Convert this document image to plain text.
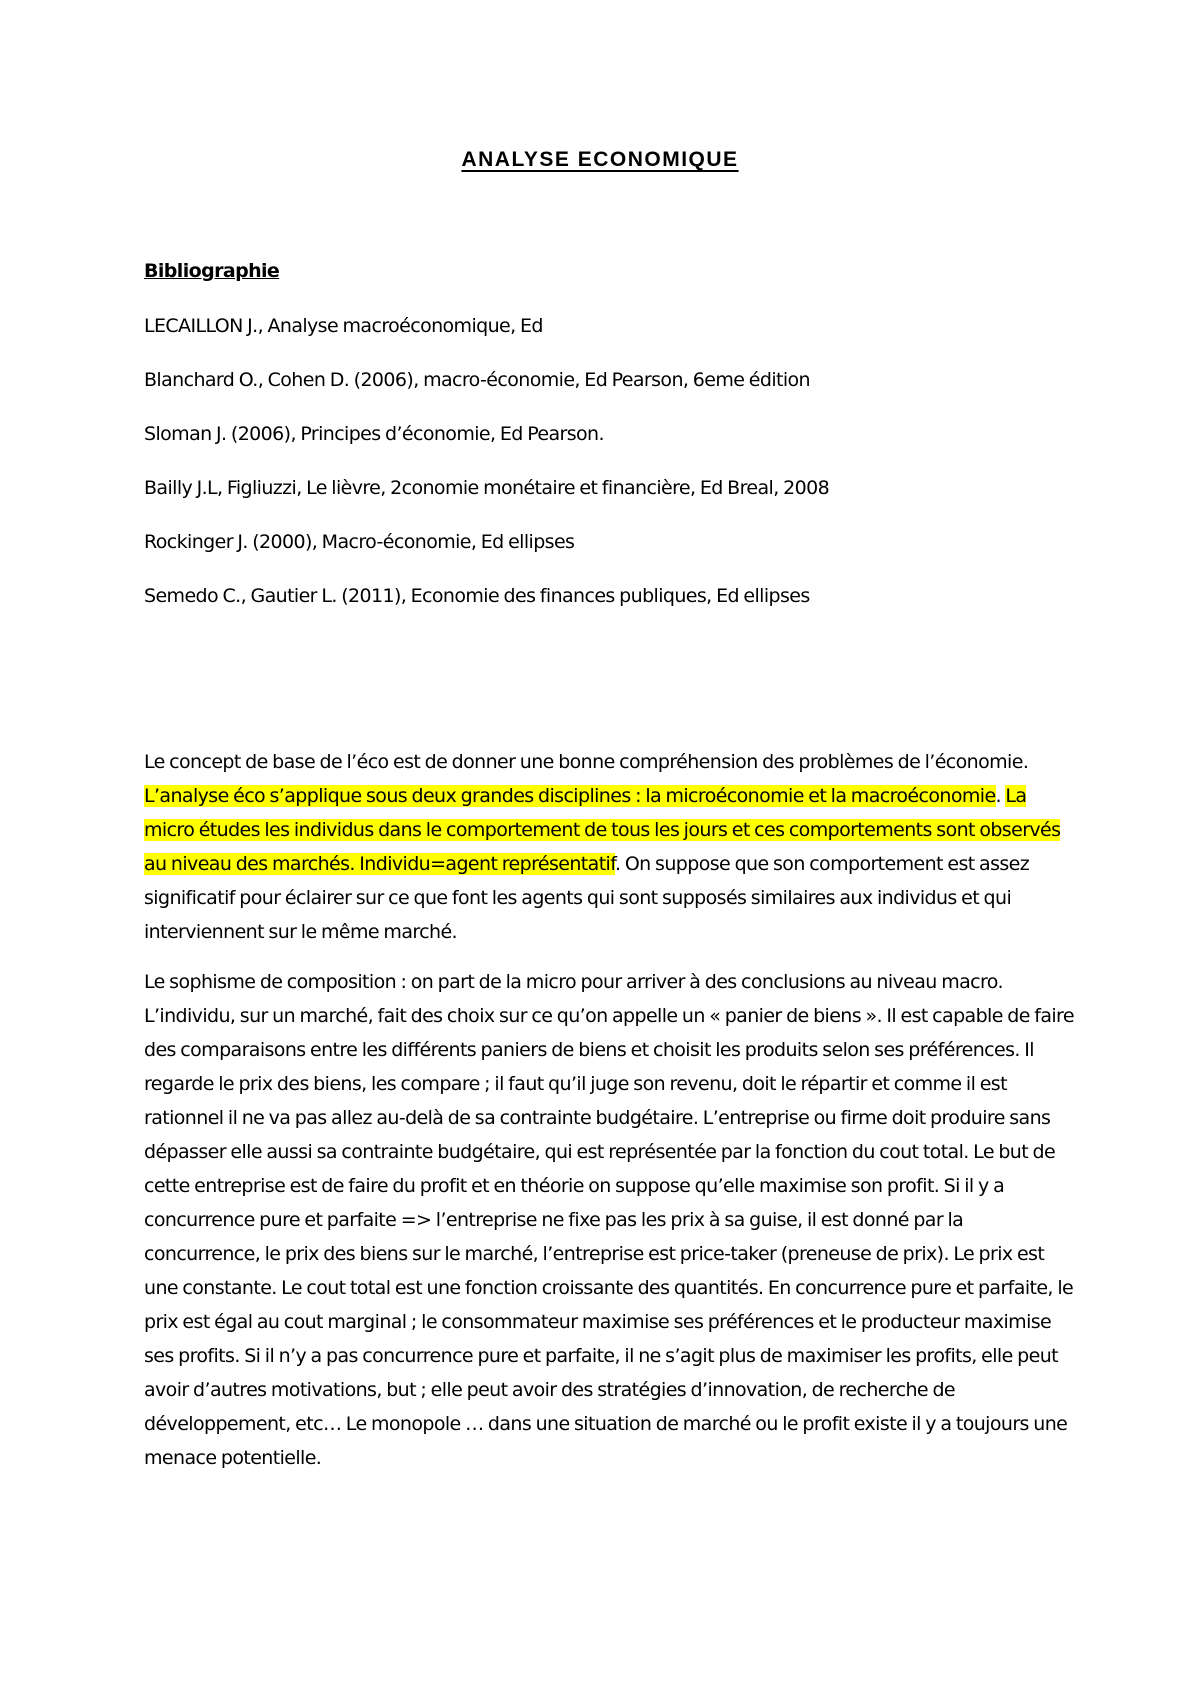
ANALYSE ECONOMIQUE
Bibliographie
LECAILLON J., Analyse macroéconomique, Ed
Blanchard O., Cohen D. (2006), macro-économie, Ed Pearson, 6eme édition
Sloman J. (2006), Principes d’économie, Ed Pearson.
Bailly J.L, Figliuzzi, Le lièvre, 2conomie monétaire et financière, Ed Breal, 2008
Rockinger J. (2000), Macro-économie, Ed ellipses
Semedo C., Gautier L. (2011), Economie des finances publiques, Ed ellipses

Le concept de base de l’éco est de donner une bonne compréhension des problèmes de l’économie. L’analyse éco s’applique sous deux grandes disciplines : la microéconomie et la macroéconomie. La micro études les individus dans le comportement de tous les jours et ces comportements sont observés au niveau des marchés. Individu=agent représentatif. On suppose que son comportement est assez significatif pour éclairer sur ce que font les agents qui sont supposés similaires aux individus et qui interviennent sur le même marché.

Le sophisme de composition : on part de la micro pour arriver à des conclusions au niveau macro. L’individu, sur un marché, fait des choix sur ce qu’on appelle un « panier de biens ». Il est capable de faire des comparaisons entre les différents paniers de biens et choisit les produits selon ses préférences. Il regarde le prix des biens, les compare ; il faut qu’il juge son revenu, doit le répartir et comme il est rationnel il ne va pas allez au-delà de sa contrainte budgétaire. L’entreprise ou firme doit produire sans dépasser elle aussi sa contrainte budgétaire, qui est représentée par la fonction du cout total. Le but de cette entreprise est de faire du profit et en théorie on suppose qu’elle maximise son profit. Si il y a concurrence pure et parfaite => l’entreprise ne fixe pas les prix à sa guise, il est donné par la concurrence, le prix des biens sur le marché, l’entreprise est price-taker (preneuse de prix). Le prix est une constante. Le cout total est une fonction croissante des quantités. En concurrence pure et parfaite, le prix est égal au cout marginal ; le consommateur maximise ses préférences et le producteur maximise ses profits. Si il n’y a pas concurrence pure et parfaite, il ne s’agit plus de maximiser les profits, elle peut avoir d’autres motivations, but ; elle peut avoir des stratégies d’innovation, de recherche de développement, etc… Le monopole … dans une situation de marché ou le profit existe il y a toujours une menace potentielle.
